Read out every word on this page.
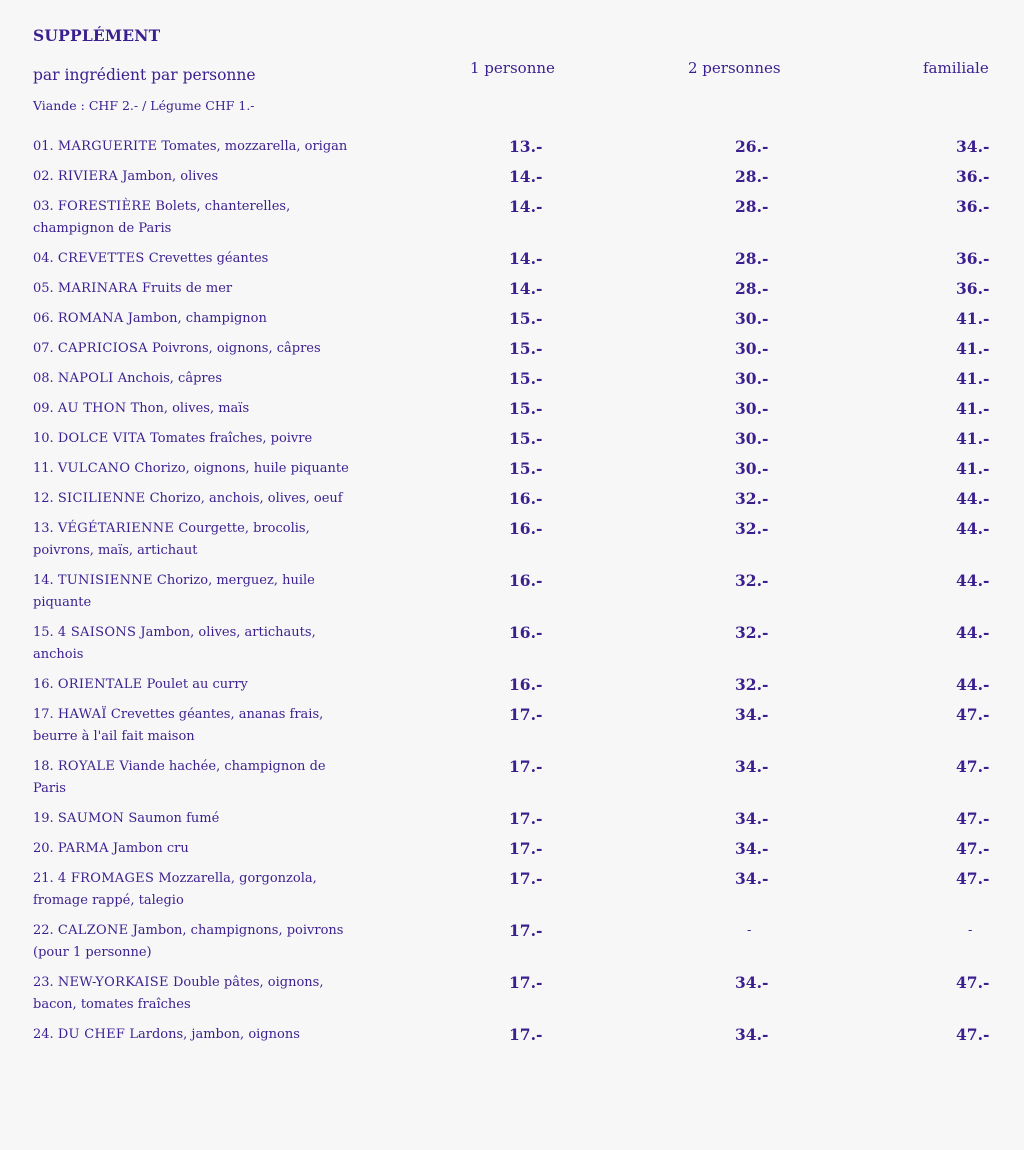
SUPPLÉMENT
par ingrédient par personne	1 personne	2 personnes	familiale
Viande : CHF 2.- / Légume CHF 1.-
01. MARGUERITE Tomates, mozzarella, origan	13.-	26.-	34.-
02. RIVIERA Jambon, olives	14.-	28.-	36.-
03. FORESTIÈRE Bolets, chanterelles, champignon de Paris
14.-	28.-	36.-
04. CREVETTES Crevettes géantes	14.-	28.-	36.-
05. MARINARA Fruits de mer	14.-	28.-	36.-
06. ROMANA Jambon, champignon	15.-	30.-	41.-
07. CAPRICIOSA Poivrons, oignons, câpres	15.-	30.-	41.-
08. NAPOLI Anchois, câpres	15.-	30.-	41.-
09. AU THON Thon, olives, maïs	15.-	30.-	41.-
10. DOLCE VITA Tomates fraîches, poivre	15.-	30.-	41.-
11. VULCANO Chorizo, oignons, huile piquante	15.-	30.-	41.-
12. SICILIENNE Chorizo, anchois, olives, oeuf	16.-	32.-	44.-
13. VÉGÉTARIENNE Courgette, brocolis, poivrons, maïs, artichaut
16.-	32.-	44.-
14. TUNISIENNE Chorizo, merguez, huile piquante
16.-	32.-	44.-
15. 4 SAISONS Jambon, olives, artichauts, anchois
16.-	32.-	44.-
16. ORIENTALE Poulet au curry	16.-	32.-	44.-
17. HAWAÏ Crevettes géantes, ananas frais, beurre à l'ail fait maison
17.-	34.-	47.-
18. ROYALE Viande hachée, champignon de Paris
17.-	34.-	47.-
19. SAUMON Saumon fumé	17.-	34.-	47.-
20. PARMA Jambon cru	17.-	34.-	47.-
21. 4 FROMAGES Mozzarella, gorgonzola, fromage rappé, talegio
17.-	34.-	47.-
22. CALZONE Jambon, champignons, poivrons (pour 1 personne)
17.-	-	-
23. NEW-YORKAISE Double pâtes, oignons, bacon, tomates fraîches
17.-	34.-	47.-
24. DU CHEF Lardons, jambon, oignons	17.-	34.-	47.-
